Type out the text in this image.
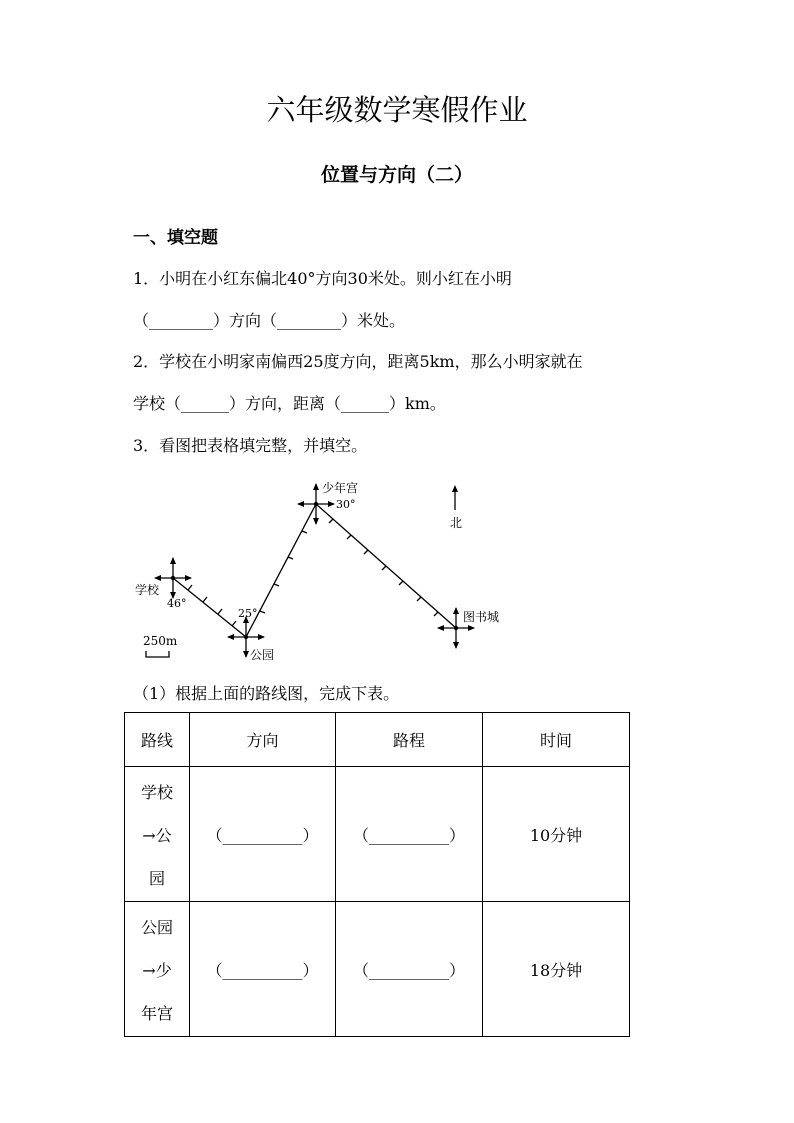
六年级数学寒假作业
位置与方向（二）
一、填空题
1．小明在小红东偏北40°方向30米处。则小红在小明
（________）方向（________）米处。
2．学校在小明家南偏西25度方向，距离5km，那么小明家就在
学校（______）方向，距离（______）km。
3．看图把表格填完整，并填空。
学校
46°
25°
公园
少年宫
30°
北
图书城
250m
（1）根据上面的路线图，完成下表。
路线	方向	路程	时间

学校
→公
园	（__________）	（__________）	10分钟

公园
→少
年宫	（__________）	（__________）	18分钟
